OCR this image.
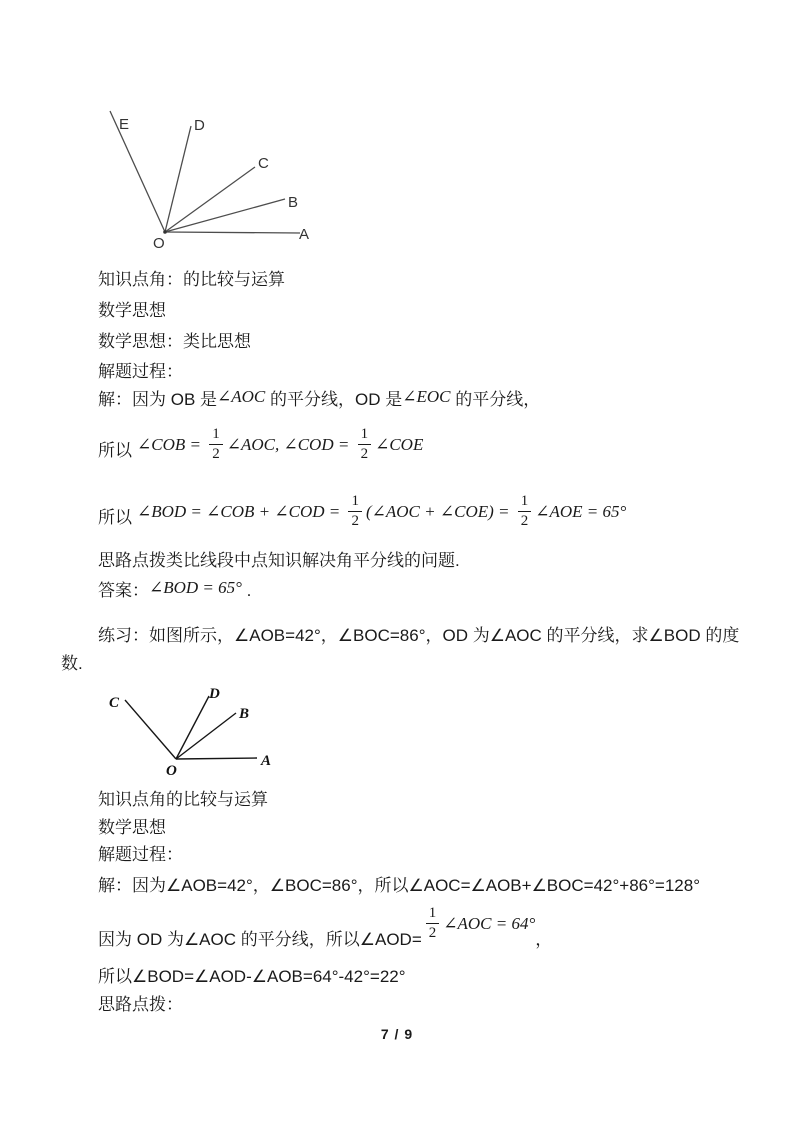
O
A
B
C
D
E
知识点角：的比较与运算
数学思想
数学思想：类比思想
解题过程：
解：因为 OB 是∠AOC 的平分线，OD 是∠EOC 的平分线，
所以 ∠COB = $\frac{1}{2}$ ∠AOC, ∠COD = $\frac{1}{2}$ ∠COE
所以 ∠BOD = ∠COB + ∠COD = $\frac{1}{2}$ (∠AOC + ∠COE) = $\frac{1}{2}$ ∠AOE = 65°
思路点拨类比线段中点知识解决角平分线的问题.
答案：∠BOD = 65° .
练习：如图所示，∠AOB=42°，∠BOC=86°，OD 为∠AOC 的平分线，求∠BOD 的度
数.
O
A
B
D
C
知识点角的比较与运算
数学思想
解题过程：
解：因为∠AOB=42°，∠BOC=86°，所以∠AOC=∠AOB+∠BOC=42°+86°=128°
因为 OD 为∠AOC 的平分线，所以∠AOD= $\frac{1}{2}$ ∠AOC = 64°
，
所以∠BOD=∠AOD-∠AOB=64°-42°=22°
思路点拨：
7 / 9
